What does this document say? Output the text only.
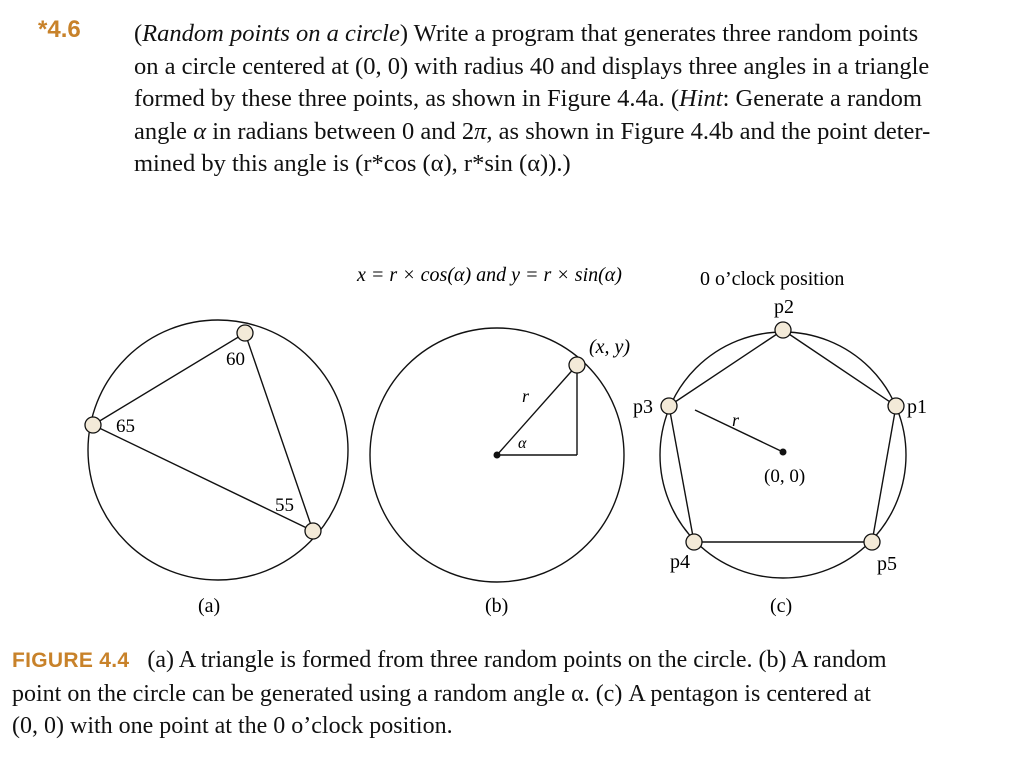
*4.6 (Random points on a circle) Write a program that generates three random points
on a circle centered at (0, 0) with radius 40 and displays three angles in a triangle
formed by these three points, as shown in Figure 4.4a. (Hint: Generate a random
angle α in radians between 0 and 2π, as shown in Figure 4.4b and the point deter-
mined by this angle is (r*cos (α), r*sin (α)).)
60
65
55
(a)
x = r × cos(α) and y = r × sin(α)
(x, y)
r
α
(b)
0 o’clock position
p2
p1
p3
p4	p5
r
(0, 0)
(c)
FIGURE 4.4 (a) A triangle is formed from three random points on the circle. (b) A random
point on the circle can be generated using a random angle α. (c) A pentagon is centered at
(0, 0) with one point at the 0 o’clock position.
